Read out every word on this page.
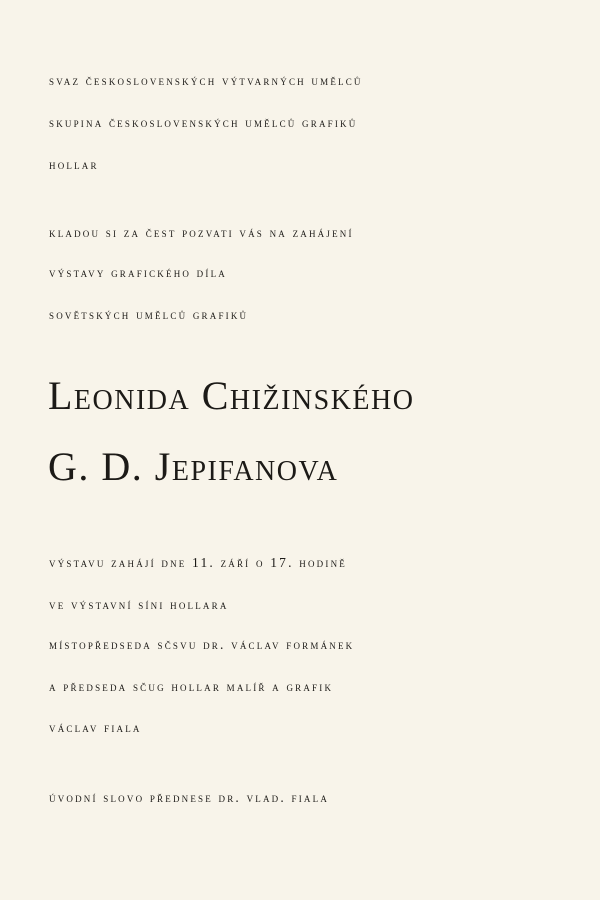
svaz československých výtvarných umělců
skupina československých umělců grafiků
hollar
kladou si za čest pozvati vás na zahájení
výstavy grafického díla
sovětských umělců grafiků
Leonida Chižinského
G. D. Jepifanova
výstavu zahájí dne 11. září o 17. hodině
ve výstavní síni hollara
místopředseda sčsvu dr. václav formánek
a předseda sčug hollar malíř a grafik
václav fiala
úvodní slovo přednese dr. vlad. fiala
